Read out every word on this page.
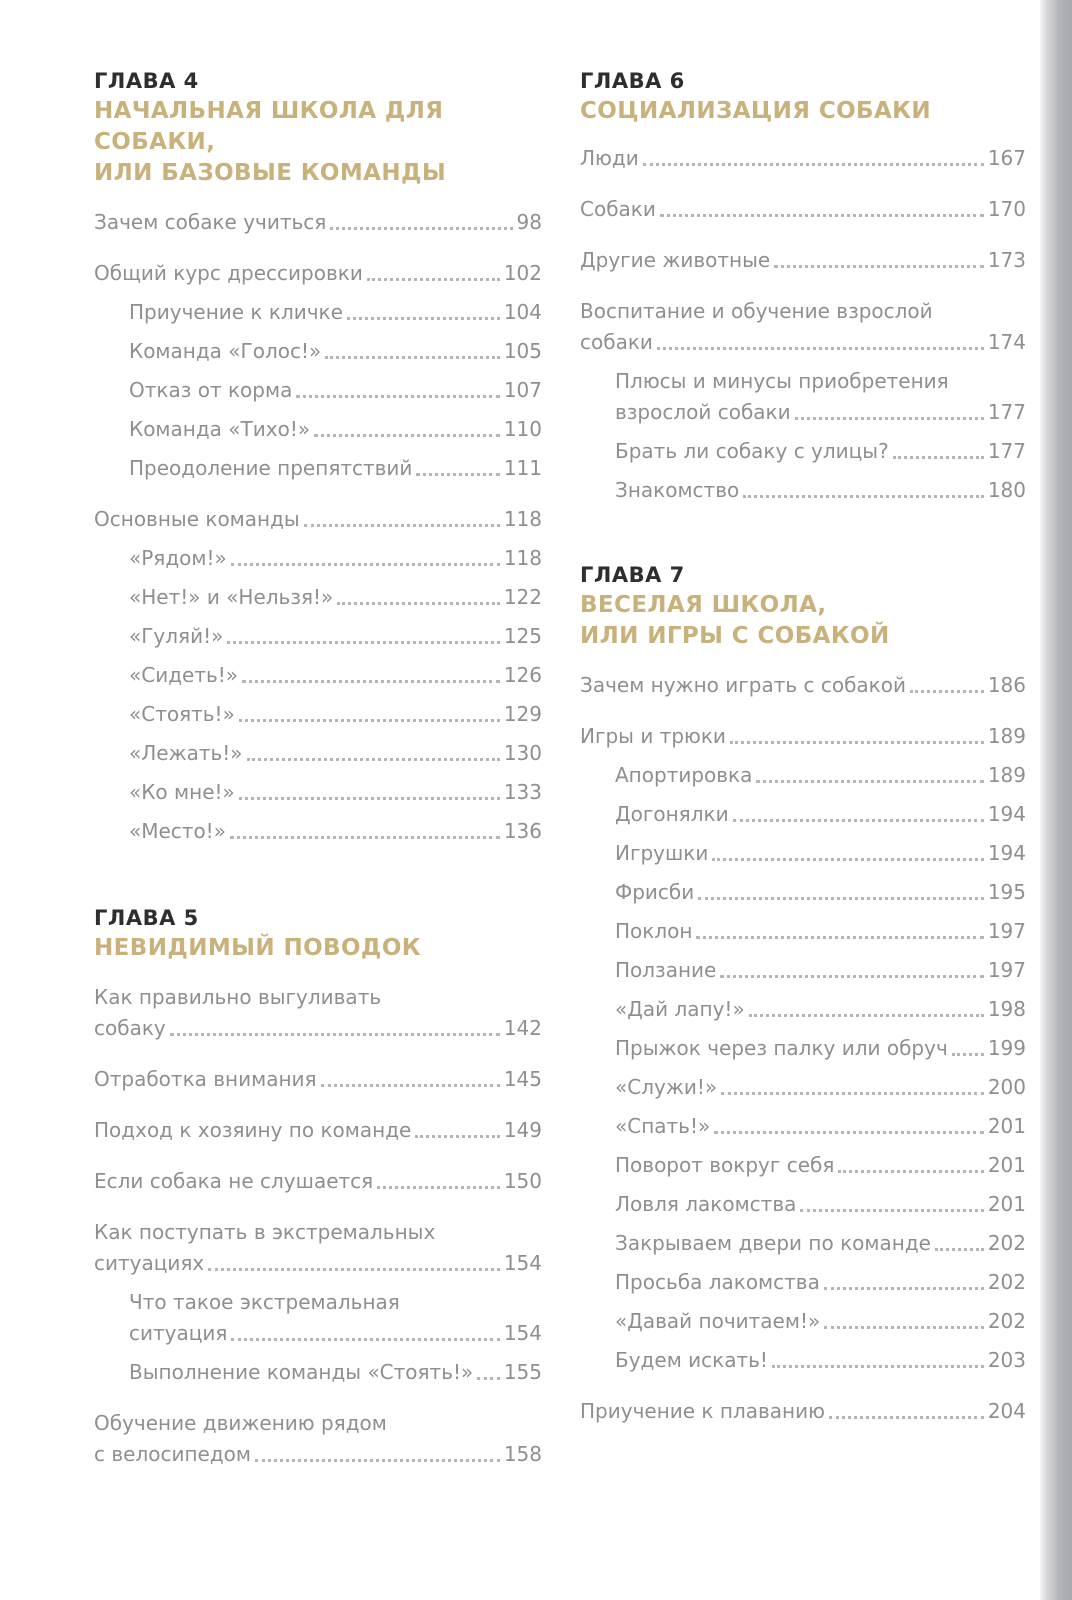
ГЛАВА 4
НАЧАЛЬНАЯ ШКОЛА ДЛЯ СОБАКИ,
ИЛИ БАЗОВЫЕ КОМАНДЫ
Зачем собаке учиться	98
Общий курс дрессировки	102
Приучение к кличке	104
Команда «Голос!»	105
Отказ от корма	107
Команда «Тихо!»	110
Преодоление препятствий	111
Основные команды	118
«Рядом!»	118
«Нет!» и «Нельзя!»	122
«Гуляй!»	125
«Сидеть!»	126
«Стоять!»	129
«Лежать!»	130
«Ко мне!»	133
«Место!»	136
ГЛАВА 5
НЕВИДИМЫЙ ПОВОДОК
Как правильно выгуливать
собаку	142
Отработка внимания	145
Подход к хозяину по команде	149
Если собака не слушается	150
Как поступать в экстремальных
ситуациях	154
Что такое экстремальная
ситуация	154
Выполнение команды «Стоять!» 155
Обучение движению рядом
с велосипедом	158
ГЛАВА 6
СОЦИАЛИЗАЦИЯ СОБАКИ
Люди	167
Собаки	170
Другие животные	173
Воспитание и обучение взрослой
собаки	174
Плюсы и минусы приобретения
взрослой собаки	177
Брать ли собаку с улицы?	177
Знакомство	180
ГЛАВА 7
ВЕСЕЛАЯ ШКОЛА,
ИЛИ ИГРЫ С СОБАКОЙ
Зачем нужно играть с собакой	186
Игры и трюки	189
Апортировка	189
Догонялки	194
Игрушки	194
Фрисби	195
Поклон	197
Ползание	197
«Дай лапу!»	198
Прыжок через палку или обруч 199
«Служи!»	200
«Спать!»	201
Поворот вокруг себя	201
Ловля лакомства	201
Закрываем двери по команде	202
Просьба лакомства	202
«Давай почитаем!»	202
Будем искать!	203
Приучение к плаванию	204
